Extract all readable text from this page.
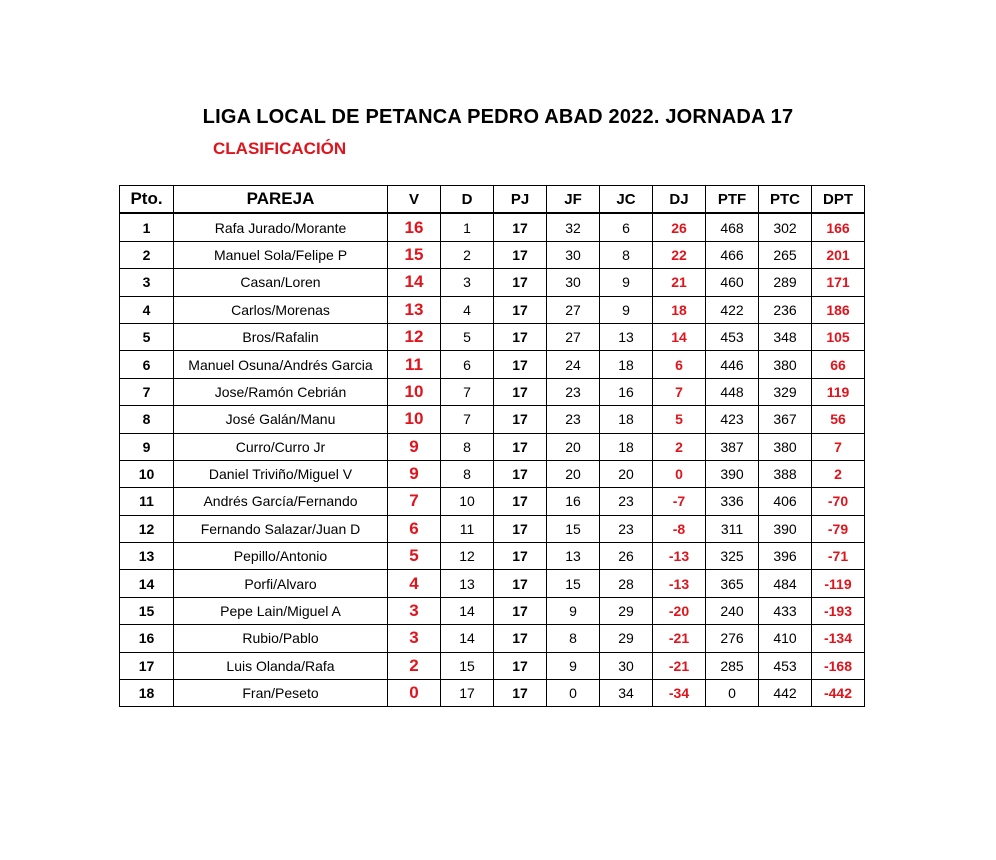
LIGA LOCAL DE PETANCA PEDRO ABAD 2022. JORNADA 17
CLASIFICACIÓN
Pto.	PAREJA	V	D	PJ	JF	JC	DJ	PTF	PTC	DPT
1	Rafa Jurado/Morante	16	1	17	32	6	26	468	302	166
2	Manuel Sola/Felipe P	15	2	17	30	8	22	466	265	201
3	Casan/Loren	14	3	17	30	9	21	460	289	171
4	Carlos/Morenas	13	4	17	27	9	18	422	236	186
5	Bros/Rafalin	12	5	17	27	13	14	453	348	105
6	Manuel Osuna/Andrés Garcia	11	6	17	24	18	6	446	380	66
7	Jose/Ramón Cebrián	10	7	17	23	16	7	448	329	119
8	José Galán/Manu	10	7	17	23	18	5	423	367	56
9	Curro/Curro Jr	9	8	17	20	18	2	387	380	7
10	Daniel Triviño/Miguel V	9	8	17	20	20	0	390	388	2
11	Andrés García/Fernando	7	10	17	16	23	-7	336	406	-70
12	Fernando Salazar/Juan D	6	11	17	15	23	-8	311	390	-79
13	Pepillo/Antonio	5	12	17	13	26	-13	325	396	-71
14	Porfi/Alvaro	4	13	17	15	28	-13	365	484	-119
15	Pepe Lain/Miguel A	3	14	17	9	29	-20	240	433	-193
16	Rubio/Pablo	3	14	17	8	29	-21	276	410	-134
17	Luis Olanda/Rafa	2	15	17	9	30	-21	285	453	-168
18	Fran/Peseto	0	17	17	0	34	-34	0	442	-442
